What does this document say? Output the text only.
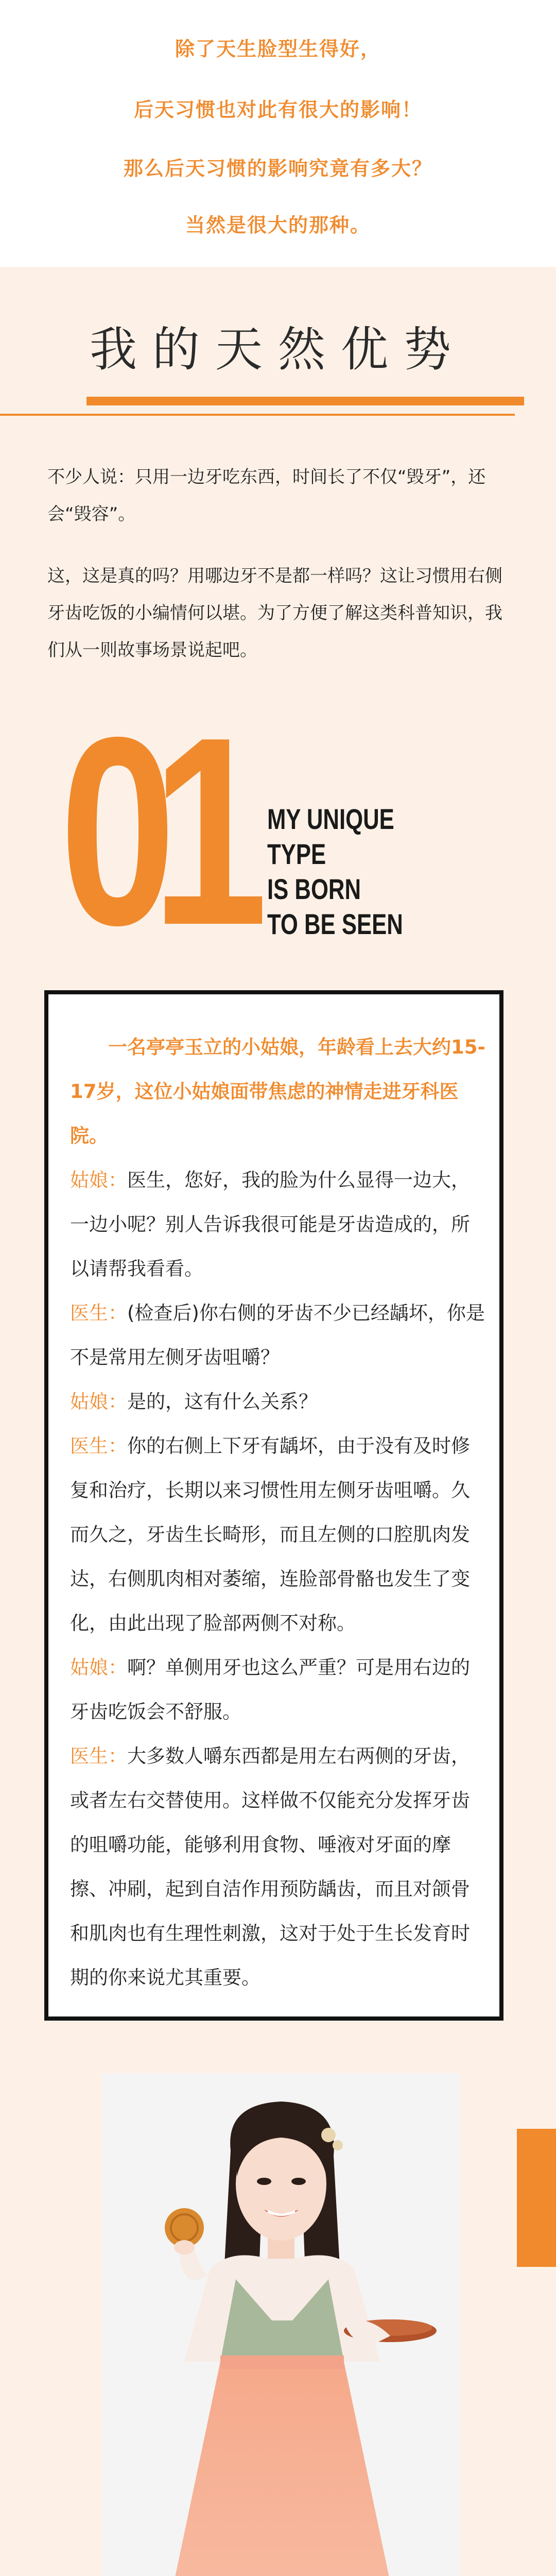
除了天生脸型生得好，
后天习惯也对此有很大的影响！
那么后天习惯的影响究竟有多大？
当然是很大的那种。
我的天然优势
不少人说：只用一边牙吃东西，时间长了不仅“毁牙”，还会“毁容”。
这，这是真的吗？用哪边牙不是都一样吗？这让习惯用右侧牙齿吃饭的小编情何以堪。为了方便了解这类科普知识，我们从一则故事场景说起吧。
01 MY UNIQUE
TYPE
IS BORN
TO BE SEEN

一名亭亭玉立的小姑娘，年龄看上去大约15-17岁，这位小姑娘面带焦虑的神情走进牙科医院。

姑娘：医生，您好，我的脸为什么显得一边大，一边小呢？别人告诉我很可能是牙齿造成的，所以请帮我看看。

医生：(检查后)你右侧的牙齿不少已经龋坏，你是不是常用左侧牙齿咀嚼？

姑娘：是的，这有什么关系？

医生：你的右侧上下牙有龋坏，由于没有及时修复和治疗，长期以来习惯性用左侧牙齿咀嚼。久而久之，牙齿生长畸形，而且左侧的口腔肌肉发达，右侧肌肉相对萎缩，连脸部骨骼也发生了变化，由此出现了脸部两侧不对称。

姑娘：啊？单侧用牙也这么严重？可是用右边的牙齿吃饭会不舒服。

医生：大多数人嚼东西都是用左右两侧的牙齿，或者左右交替使用。这样做不仅能充分发挥牙齿的咀嚼功能，能够利用食物、唾液对牙面的摩擦、冲刷，起到自洁作用预防龋齿，而且对颌骨和肌肉也有生理性刺激，这对于处于生长发育时期的你来说尤其重要。
